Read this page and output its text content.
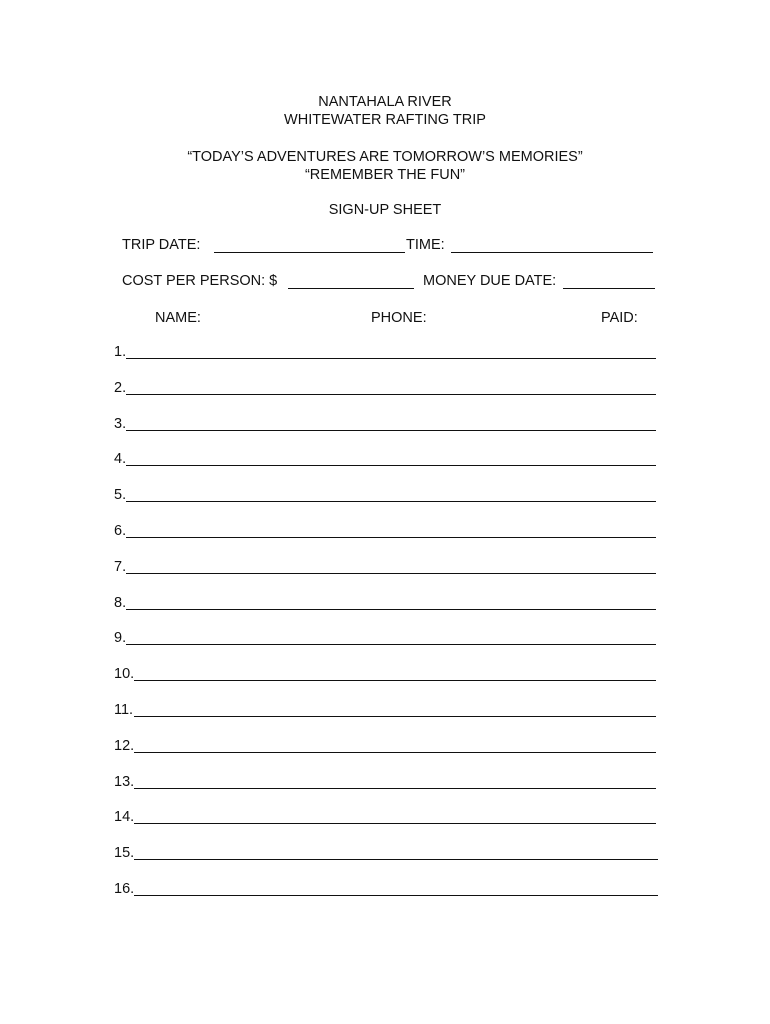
NANTAHALA RIVER
WHITEWATER RAFTING TRIP
“TODAY’S ADVENTURES ARE TOMORROW’S MEMORIES”
“REMEMBER THE FUN”
SIGN-UP SHEET
TRIP DATE:	TIME:
COST PER PERSON: $	MONEY DUE DATE:
NAME:	PHONE:	PAID:
1.
2.
3.
4.
5.
6.
7.
8.
9.
10.
11.
12.
13.
14.
15.
16.
